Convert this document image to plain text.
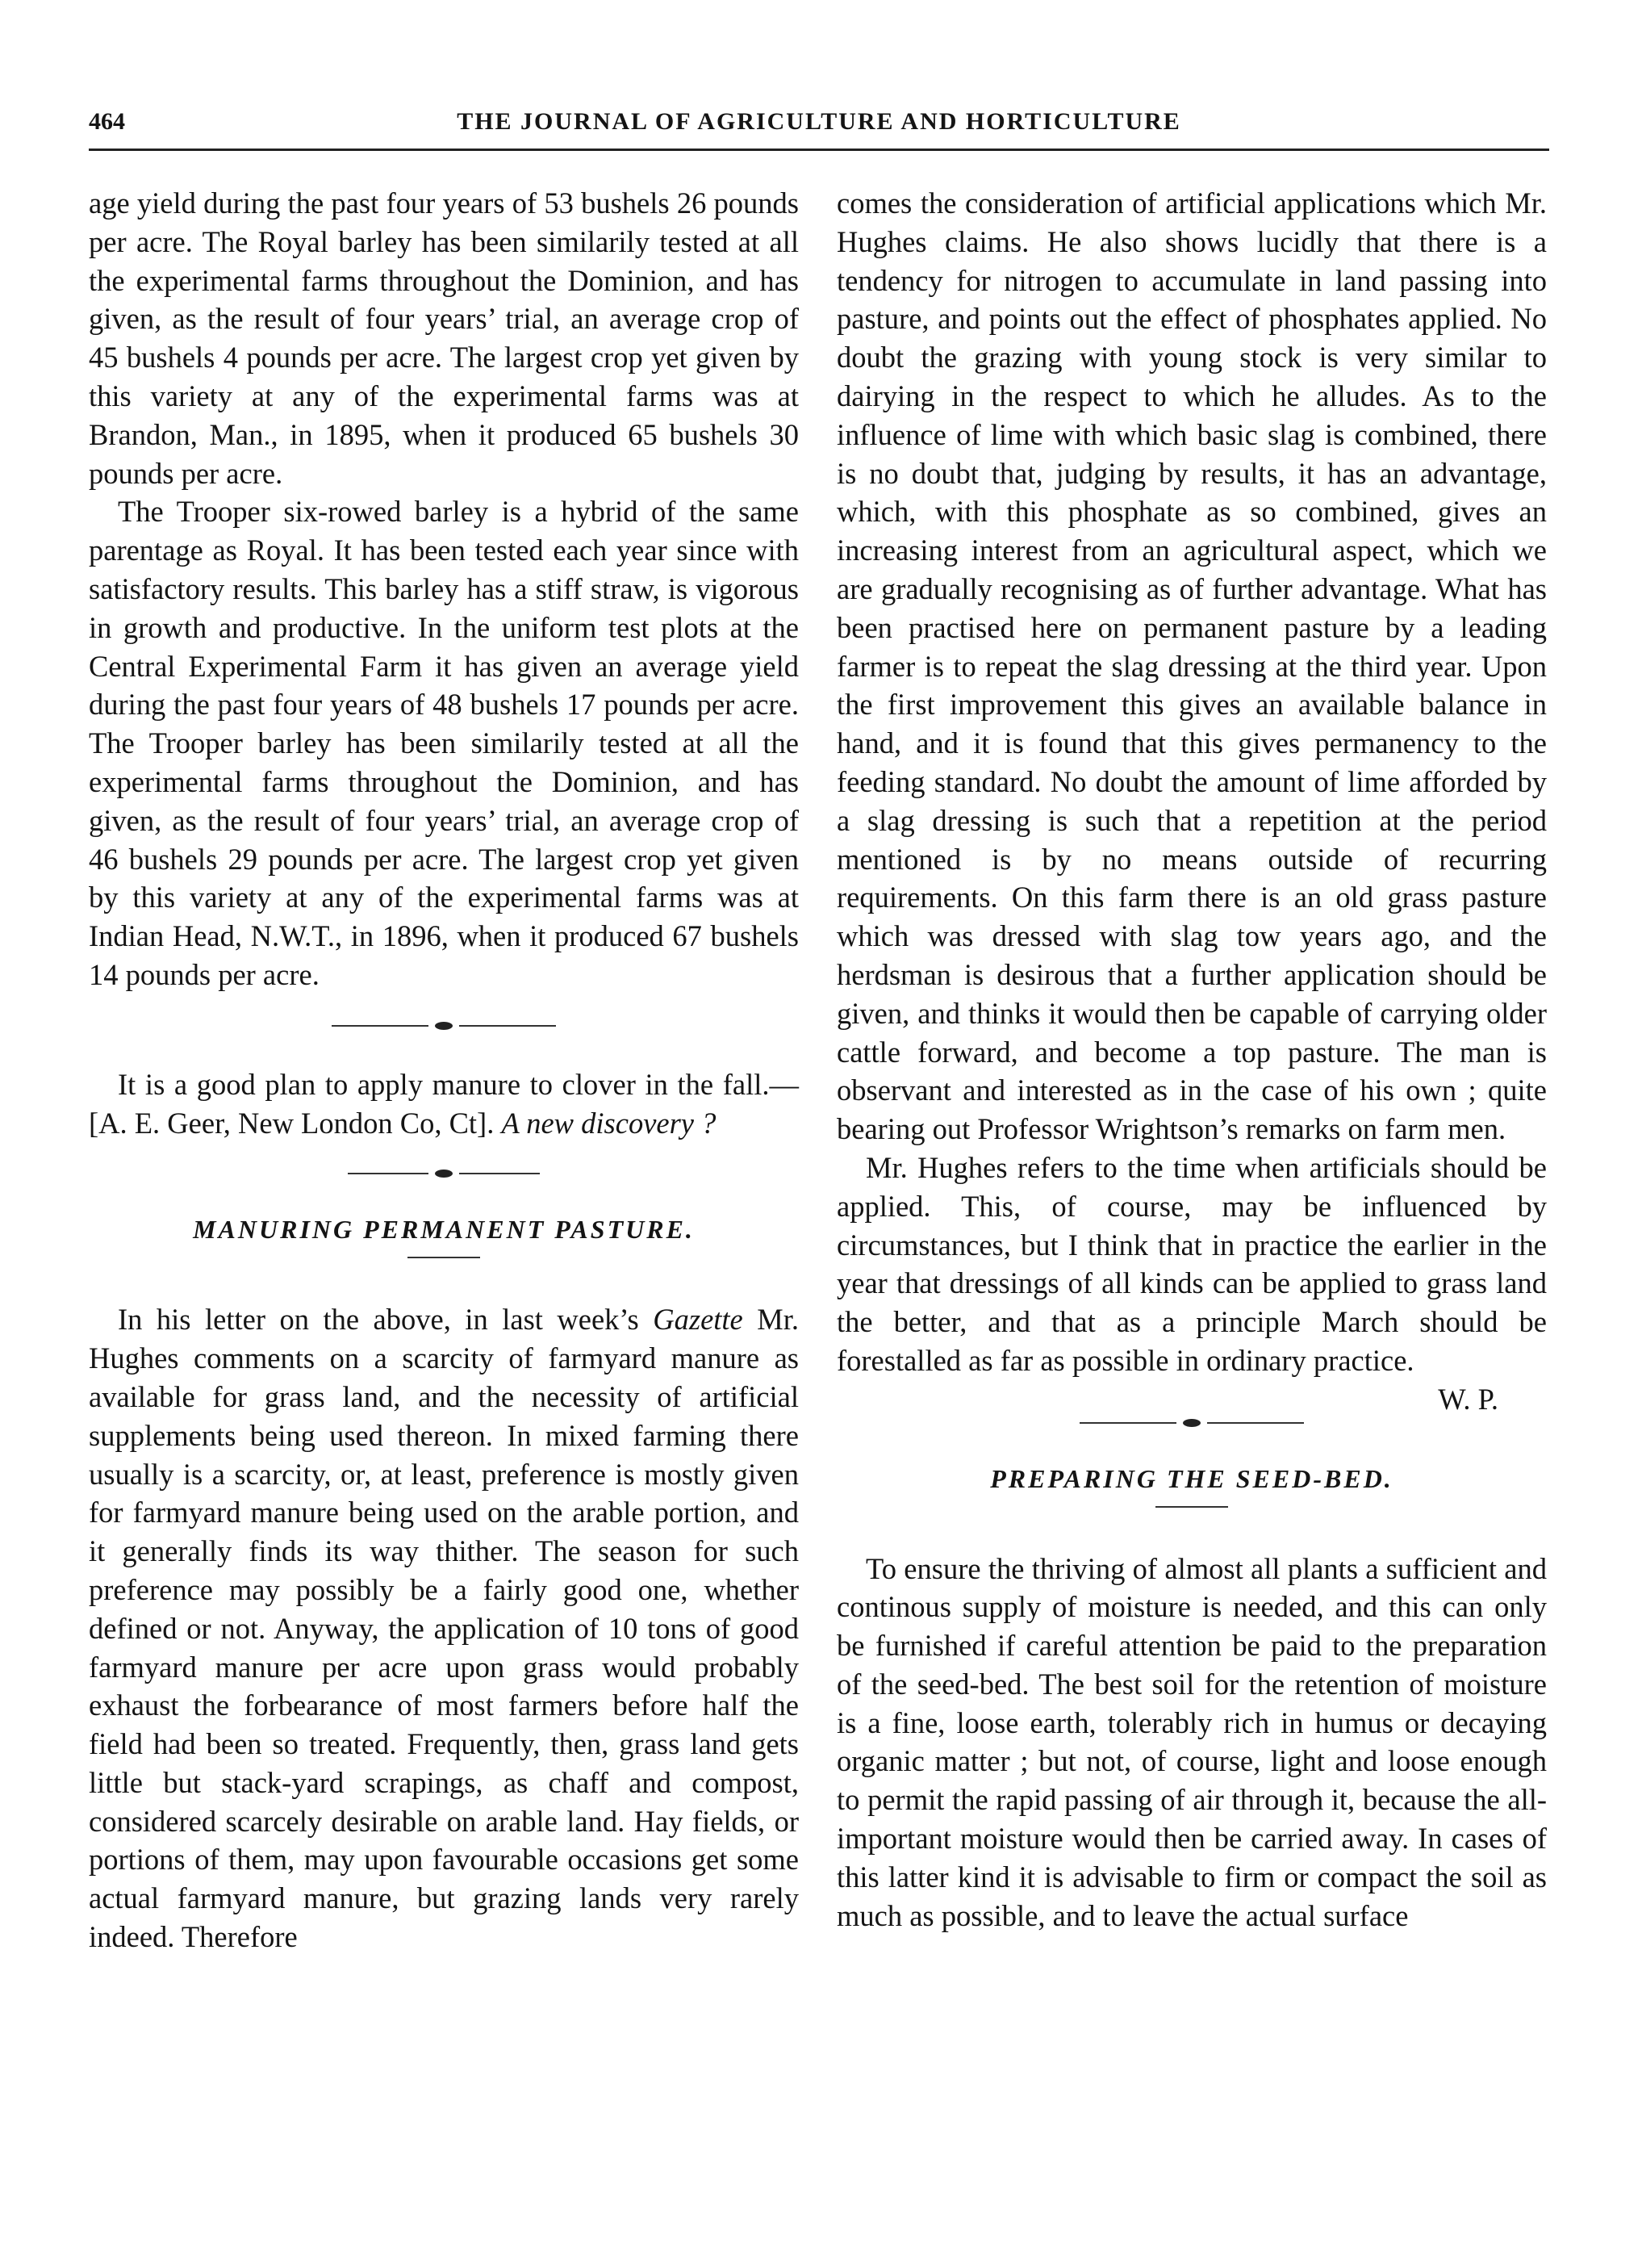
464	THE JOURNAL OF AGRICULTURE AND HORTICULTURE

age yield during the past four years of 53 bushels 26 pounds per acre. The Royal barley has been similarily tested at all the experimental farms throughout the Dominion, and has given, as the result of four years’ trial, an average crop of 45 bushels 4 pounds per acre. The largest crop yet given by this variety at any of the experimental farms was at Brandon, Man., in 1895, when it produced 65 bushels 30 pounds per acre.

The Trooper six-rowed barley is a hybrid of the same parentage as Royal. It has been tested each year since with satisfactory results. This barley has a stiff straw, is vigorous in growth and productive. In the uniform test plots at the Central Experimental Farm it has given an average yield during the past four years of 48 bushels 17 pounds per acre. The Trooper barley has been similarily tested at all the experimental farms throughout the Dominion, and has given, as the result of four years’ trial, an average crop of 46 bushels 29 pounds per acre. The largest crop yet given by this variety at any of the experimental farms was at Indian Head, N.W.T., in 1896, when it produced 67 bushels 14 pounds per acre.

It is a good plan to apply manure to clover in the fall.—[A. E. Geer, New London Co, Ct]. A new discovery ?

MANURING PERMANENT PASTURE.

In his letter on the above, in last week’s Gazette Mr. Hughes comments on a scarcity of farmyard manure as available for grass land, and the necessity of artificial supplements being used thereon. In mixed farming there usually is a scarcity, or, at least, preference is mostly given for farmyard manure being used on the arable portion, and it generally finds its way thither. The season for such preference may possibly be a fairly good one, whether defined or not. Anyway, the application of 10 tons of good farmyard manure per acre upon grass would probably exhaust the forbearance of most farmers before half the field had been so treated. Frequently, then, grass land gets little but stack-yard scrapings, as chaff and compost, considered scarcely desirable on arable land. Hay fields, or portions of them, may upon favourable occasions get some actual farmyard manure, but grazing lands very rarely indeed. Therefore

comes the consideration of artificial applications which Mr. Hughes claims. He also shows lucidly that there is a tendency for nitrogen to accumulate in land passing into pasture, and points out the effect of phosphates applied. No doubt the grazing with young stock is very similar to dairying in the respect to which he alludes. As to the influence of lime with which basic slag is combined, there is no doubt that, judging by results, it has an advantage, which, with this phosphate as so combined, gives an increasing interest from an agricultural aspect, which we are gradually recognising as of further advantage. What has been practised here on permanent pasture by a leading farmer is to repeat the slag dressing at the third year. Upon the first improvement this gives an available balance in hand, and it is found that this gives permanency to the feeding standard. No doubt the amount of lime afforded by a slag dressing is such that a repetition at the period mentioned is by no means outside of recurring requirements. On this farm there is an old grass pasture which was dressed with slag tow years ago, and the herdsman is desirous that a further application should be given, and thinks it would then be capable of carrying older cattle forward, and become a top pasture. The man is observant and interested as in the case of his own ; quite bearing out Professor Wrightson’s remarks on farm men.

Mr. Hughes refers to the time when artificials should be applied. This, of course, may be influenced by circumstances, but I think that in practice the earlier in the year that dressings of all kinds can be applied to grass land the better, and that as a principle March should be forestalled as far as possible in ordinary practice.
W. P.

PREPARING THE SEED-BED.

To ensure the thriving of almost all plants a sufficient and continous supply of moisture is needed, and this can only be furnished if careful attention be paid to the preparation of the seed-bed. The best soil for the retention of moisture is a fine, loose earth, tolerably rich in humus or decaying organic matter ; but not, of course, light and loose enough to permit the rapid passing of air through it, because the all-important moisture would then be carried away. In cases of this latter kind it is advisable to firm or compact the soil as much as possible, and to leave the actual surface
